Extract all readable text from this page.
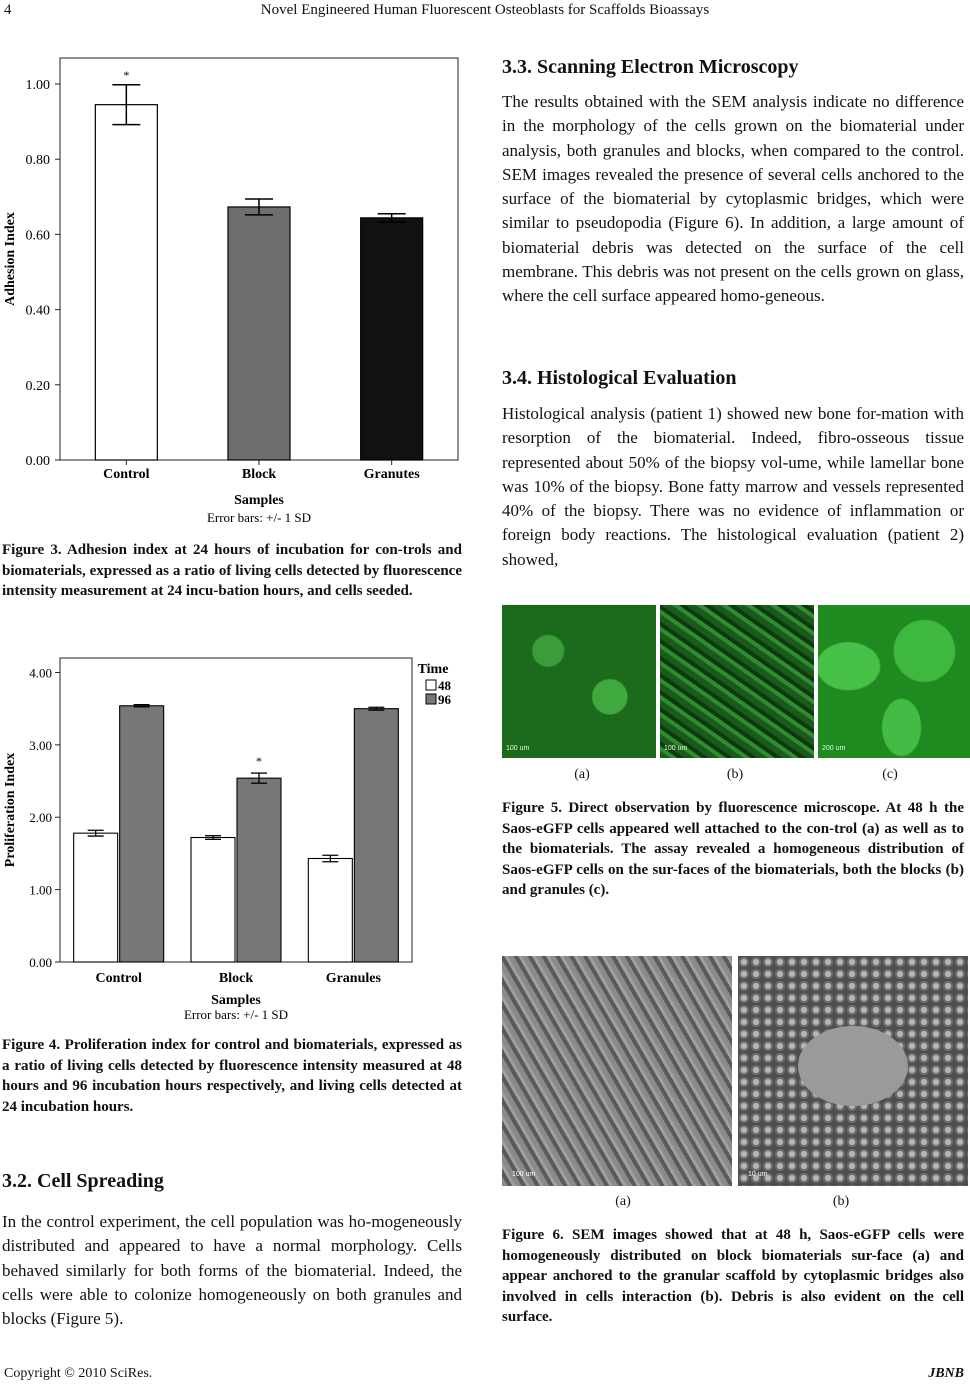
4	Novel Engineered Human Fluorescent Osteoblasts for Scaffolds Bioassays
0.00
0.20
0.40
0.60
0.80
1.00
Control	Block	Granutes
*
Samples
Error bars: +/- 1 SD
Adhesion Index
Figure 3. Adhesion index at 24 hours of incubation for con-trols and biomaterials, expressed as a ratio of living cells detected by fluorescence intensity measurement at 24 incu-bation hours, and cells seeded.
0.00
1.00
2.00
3.00
4.00
Control	Block	Granules
*
Samples
Error bars: +/- 1 SD
Proliferation Index
Time
48
96
Figure 4. Proliferation index for control and biomaterials, expressed as a ratio of living cells detected by fluorescence intensity measured at 48 hours and 96 incubation hours respectively, and living cells detected at 24 incubation hours.
3.2. Cell Spreading
In the control experiment, the cell population was ho-mogeneously distributed and appeared to have a normal morphology. Cells behaved similarly for both forms of the biomaterial. Indeed, the cells were able to colonize homogeneously on both granules and blocks (Figure 5).
3.3. Scanning Electron Microscopy
The results obtained with the SEM analysis indicate no difference in the morphology of the cells grown on the biomaterial under analysis, both granules and blocks, when compared to the control. SEM images revealed the presence of several cells anchored to the surface of the biomaterial by cytoplasmic bridges, which were similar to pseudopodia (Figure 6). In addition, a large amount of biomaterial debris was detected on the surface of the cell membrane. This debris was not present on the cells grown on glass, where the cell surface appeared homo-geneous.
3.4. Histological Evaluation
Histological analysis (patient 1) showed new bone for-mation with resorption of the biomaterial. Indeed, fibro-osseous tissue represented about 50% of the biopsy vol-ume, while lamellar bone was 10% of the biopsy. Bone fatty marrow and vessels represented 40% of the biopsy. There was no evidence of inflammation or foreign body reactions. The histological evaluation (patient 2) showed,
100 um	100 um	200 um
(a)	(b)	(c)
Figure 5. Direct observation by fluorescence microscope. At 48 h the Saos-eGFP cells appeared well attached to the con-trol (a) as well as to the biomaterials. The assay revealed a homogeneous distribution of Saos-eGFP cells on the sur-faces of the biomaterials, both the blocks (b) and granules (c).
100 um	10 um
(a)	(b)
Figure 6. SEM images showed that at 48 h, Saos-eGFP cells were homogeneously distributed on block biomaterials sur-face (a) and appear anchored to the granular scaffold by cytoplasmic bridges also involved in cells interaction (b). Debris is also evident on the cell surface.
Copyright © 2010 SciRes.	JBNB
